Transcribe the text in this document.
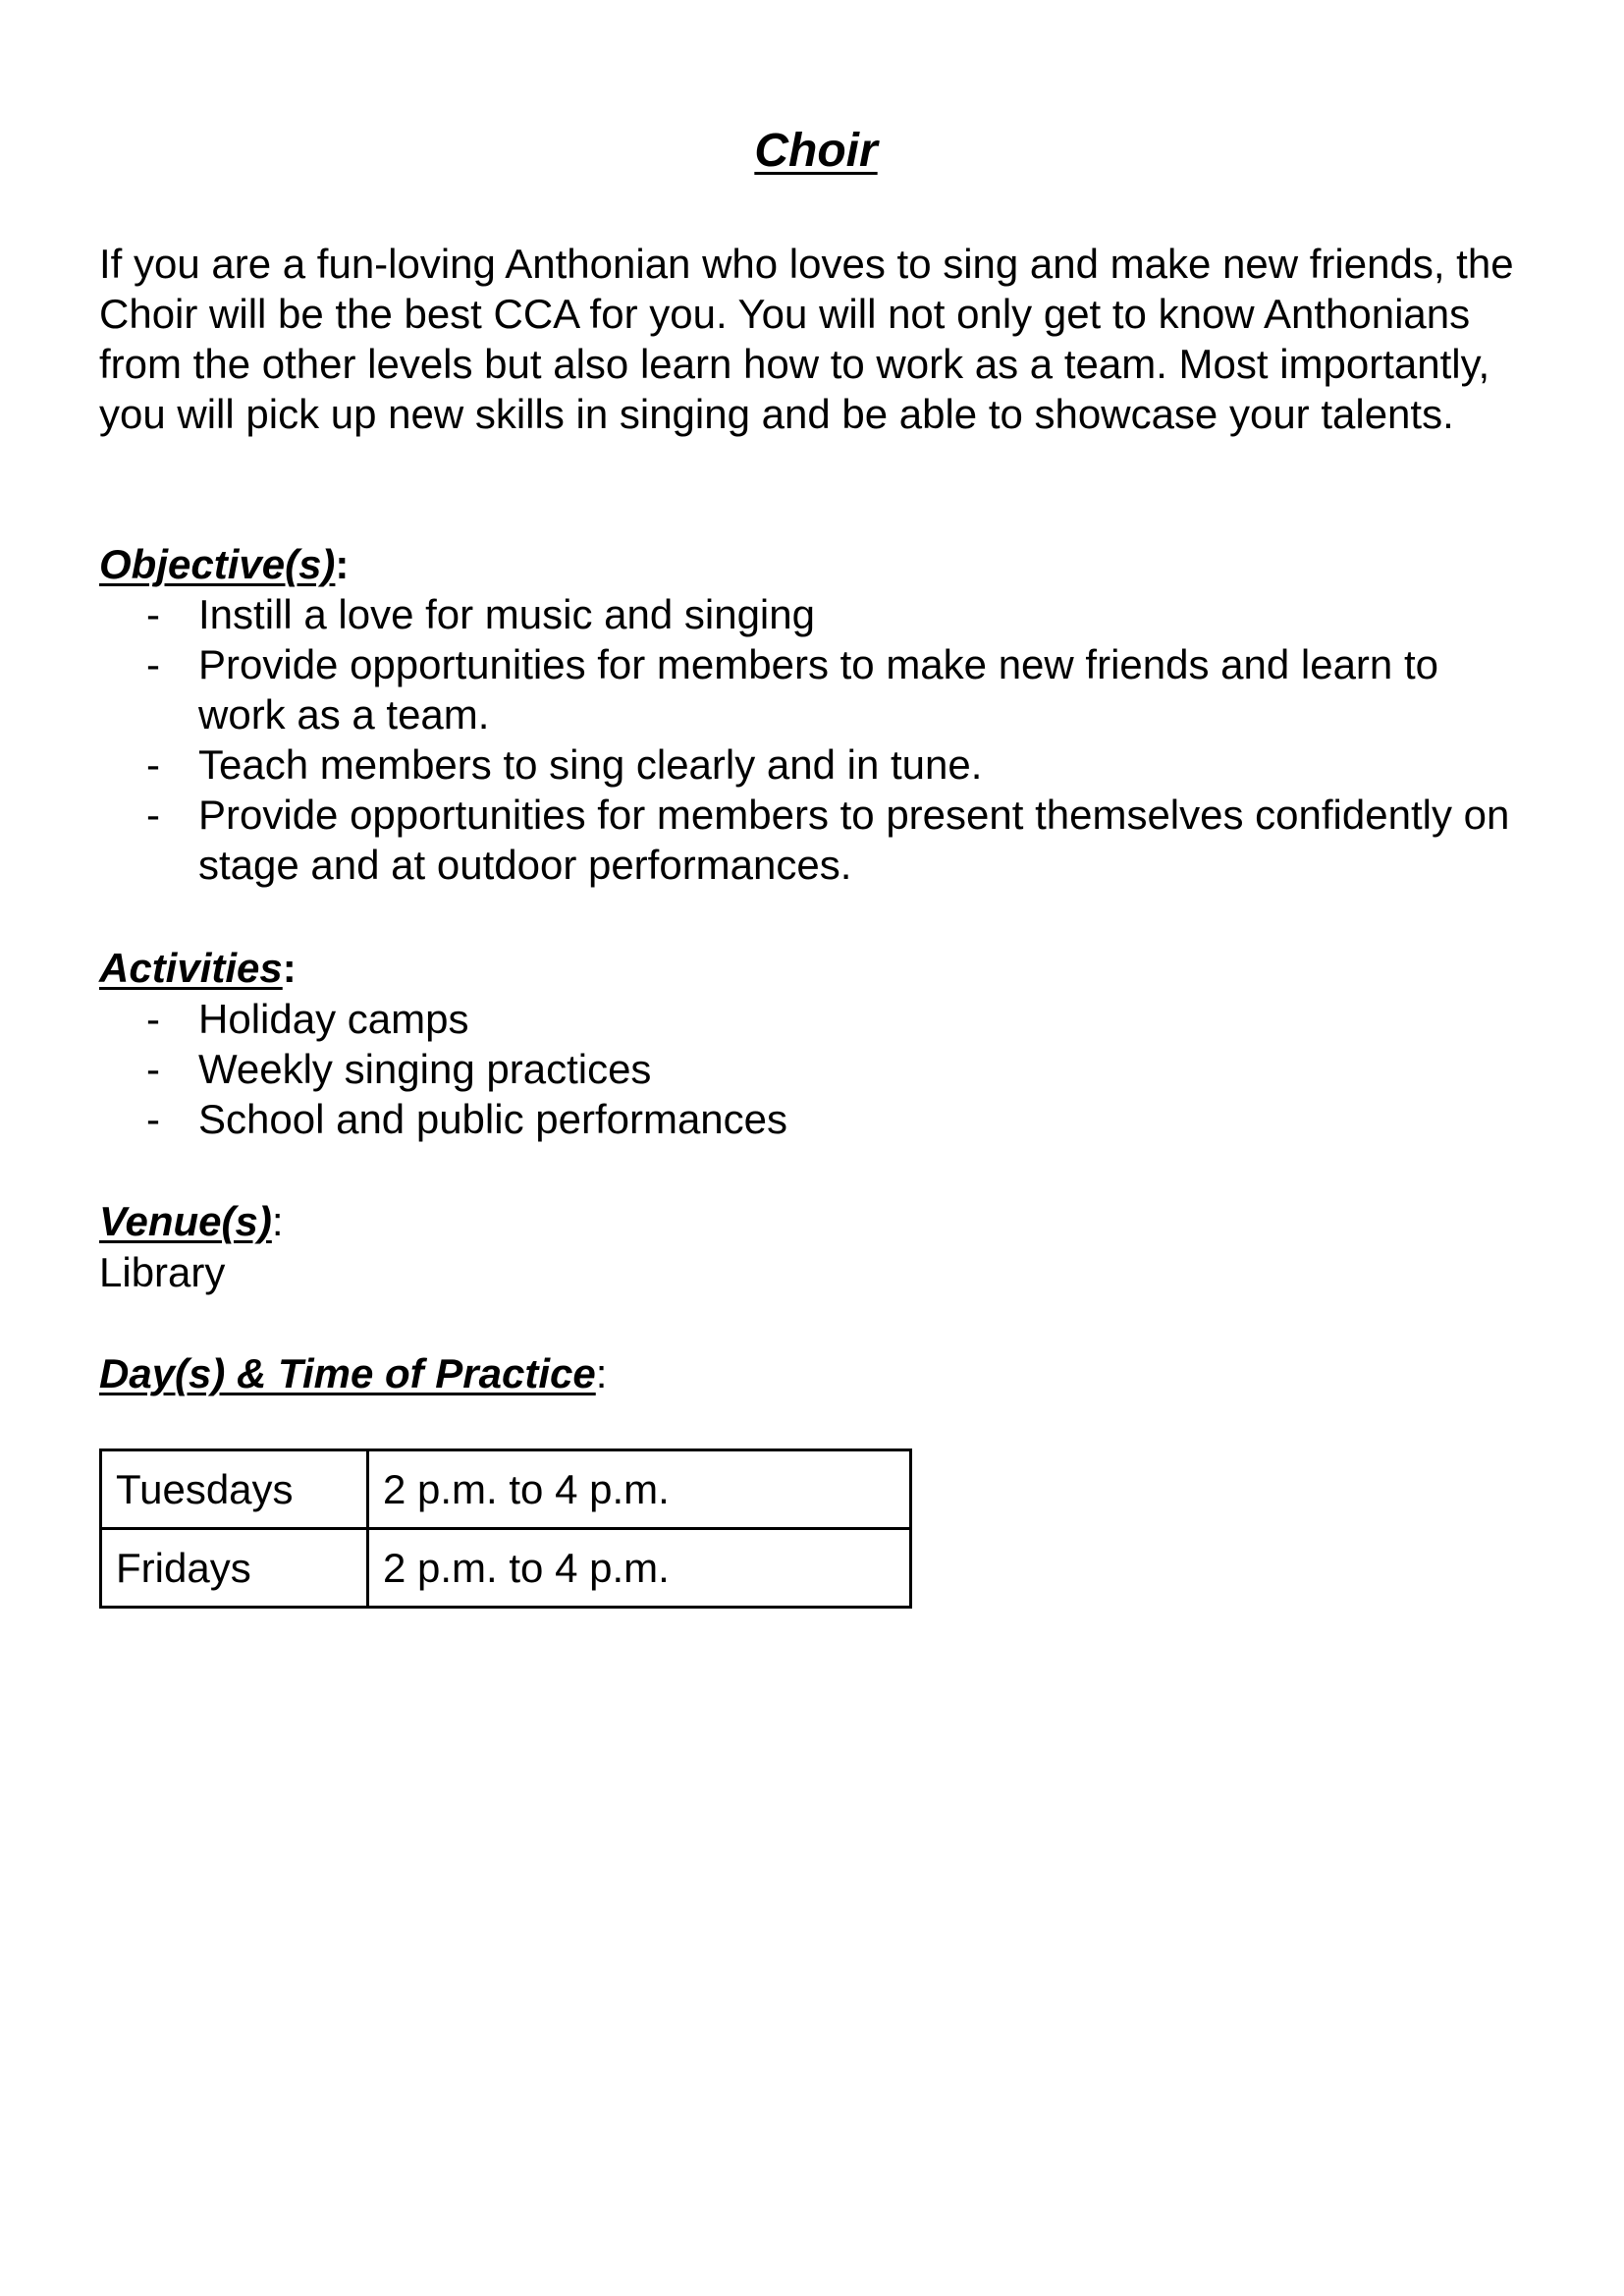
Choir

If you are a fun-loving Anthonian who loves to sing and make new friends, the Choir will be the best CCA for you. You will not only get to know Anthonians from the other levels but also learn how to work as a team. Most importantly, you will pick up new skills in singing and be able to showcase your talents.

Objective(s):

- Instill a love for music and singing
- Provide opportunities for members to make new friends and learn to work as a team.
- Teach members to sing clearly and in tune.
- Provide opportunities for members to present themselves confidently on stage and at outdoor performances.

Activities:

- Holiday camps
- Weekly singing practices
- School and public performances

Venue(s):

Library

Day(s) & Time of Practice:

Tuesdays	2 p.m. to 4 p.m.
Fridays	2 p.m. to 4 p.m.
